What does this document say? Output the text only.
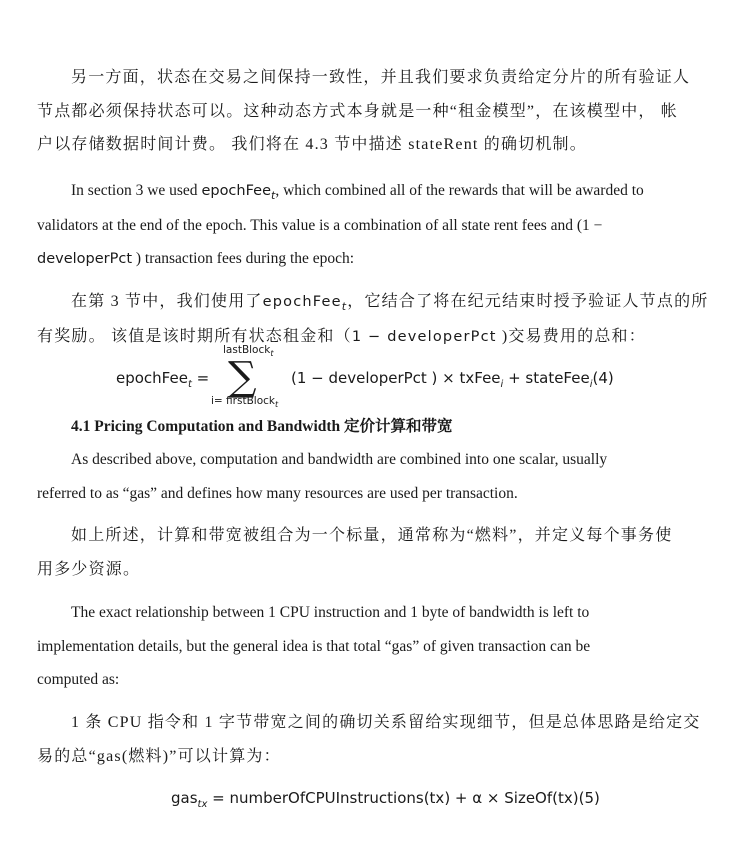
另一方面，状态在交易之间保持一致性，并且我们要求负责给定分片的所有验证人
节点都必须保持状态可以。这种动态方式本身就是一种“租金模型”，在该模型中， 帐
户以存储数据时间计费。 我们将在 4.3 节中描述 stateRent 的确切机制。
In section 3 we used epochFee$_t$, which combined all of the rewards that will be awarded to
validators at the end of the epoch. This value is a combination of all state rent fees and (1 −
developerPct ) transaction fees during the epoch:
在第 3 节中，我们使用了epochFee$_t$，它结合了将在纪元结束时授予验证人节点的所
有奖励。 该值是该时期所有状态租金和（1 − developerPct )交易费用的总和：
lastBlock$_t$
epochFee$_t$ = ∑
i= firstBlock$_t$
(1 − developerPct ) × txFee$_i$ + stateFee$_i$(4)
4.1 Pricing Computation and Bandwidth 定价计算和带宽
As described above, computation and bandwidth are combined into one scalar, usually
referred to as “gas” and defines how many resources are used per transaction.
如上所述，计算和带宽被组合为一个标量，通常称为“燃料”，并定义每个事务使
用多少资源。
The exact relationship between 1 CPU instruction and 1 byte of bandwidth is left to
implementation details, but the general idea is that total “gas” of given transaction can be
computed as:
1 条 CPU 指令和 1 字节带宽之间的确切关系留给实现细节，但是总体思路是给定交
易的总“gas(燃料)”可以计算为：
gas$_{tx}$ = numberOfCPUInstructions(tx) + α × SizeOf(tx)(5)
